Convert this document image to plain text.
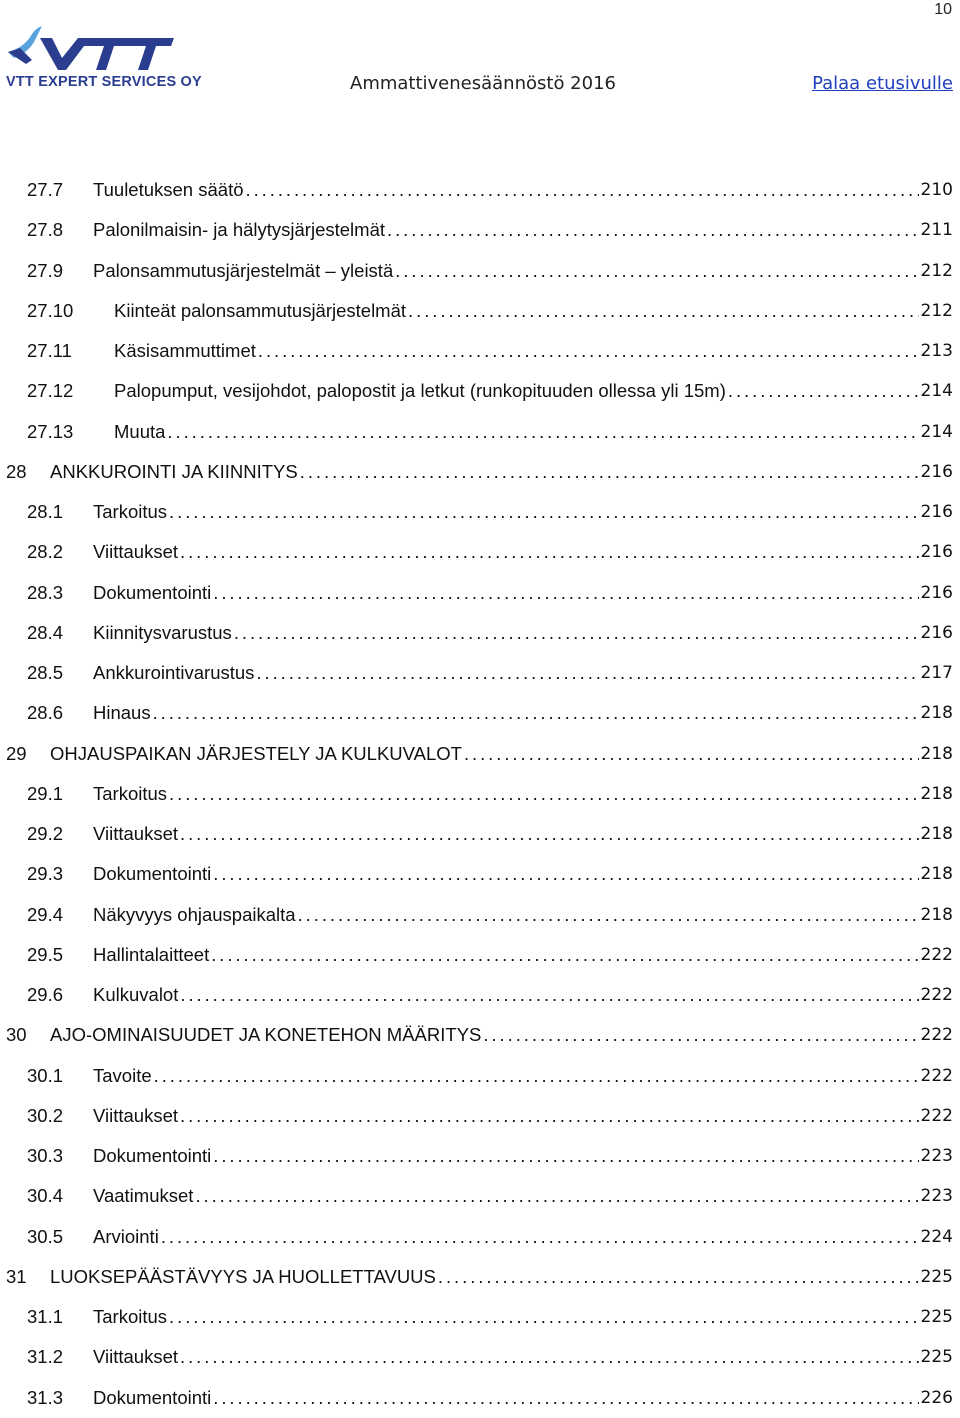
10
VTT EXPERT SERVICES OY	Ammattivenesäännöstö 2016	Palaa etusivulle
27.7	Tuuletuksen säätö . . .	210
27.8	Palonilmaisin- ja hälytysjärjestelmät . . .	211
27.9	Palonsammutusjärjestelmät – yleistä . . .	212
27.10	Kiinteät palonsammutusjärjestelmät . . .	212
27.11	Käsisammuttimet . . .	213
27.12	Palopumput, vesijohdot, palopostit ja letkut (runkopituuden ollessa yli 15m) . . .	214
27.13	Muuta . . .	214
28	ANKKUROINTI JA KIINNITYS . . .	216
28.1	Tarkoitus . . .	216
28.2	Viittaukset . . .	216
28.3	Dokumentointi . . .	216
28.4	Kiinnitysvarustus . . .	216
28.5	Ankkurointivarustus . . .	217
28.6	Hinaus . . .	218
29	OHJAUSPAIKAN JÄRJESTELY JA KULKUVALOT . . .	218
29.1	Tarkoitus . . .	218
29.2	Viittaukset . . .	218
29.3	Dokumentointi . . .	218
29.4	Näkyvyys ohjauspaikalta . . .	218
29.5	Hallintalaitteet . . .	222
29.6	Kulkuvalot . . .	222
30	AJO-OMINAISUUDET JA KONETEHON MÄÄRITYS . . .	222
30.1	Tavoite . . .	222
30.2	Viittaukset . . .	222
30.3	Dokumentointi . . .	223
30.4	Vaatimukset . . .	223
30.5	Arviointi . . .	224
31	LUOKSEPÄÄSTÄVYYS JA HUOLLETTAVUUS . . .	225
31.1	Tarkoitus . . .	225
31.2	Viittaukset . . .	225
31.3	Dokumentointi . . .	226
